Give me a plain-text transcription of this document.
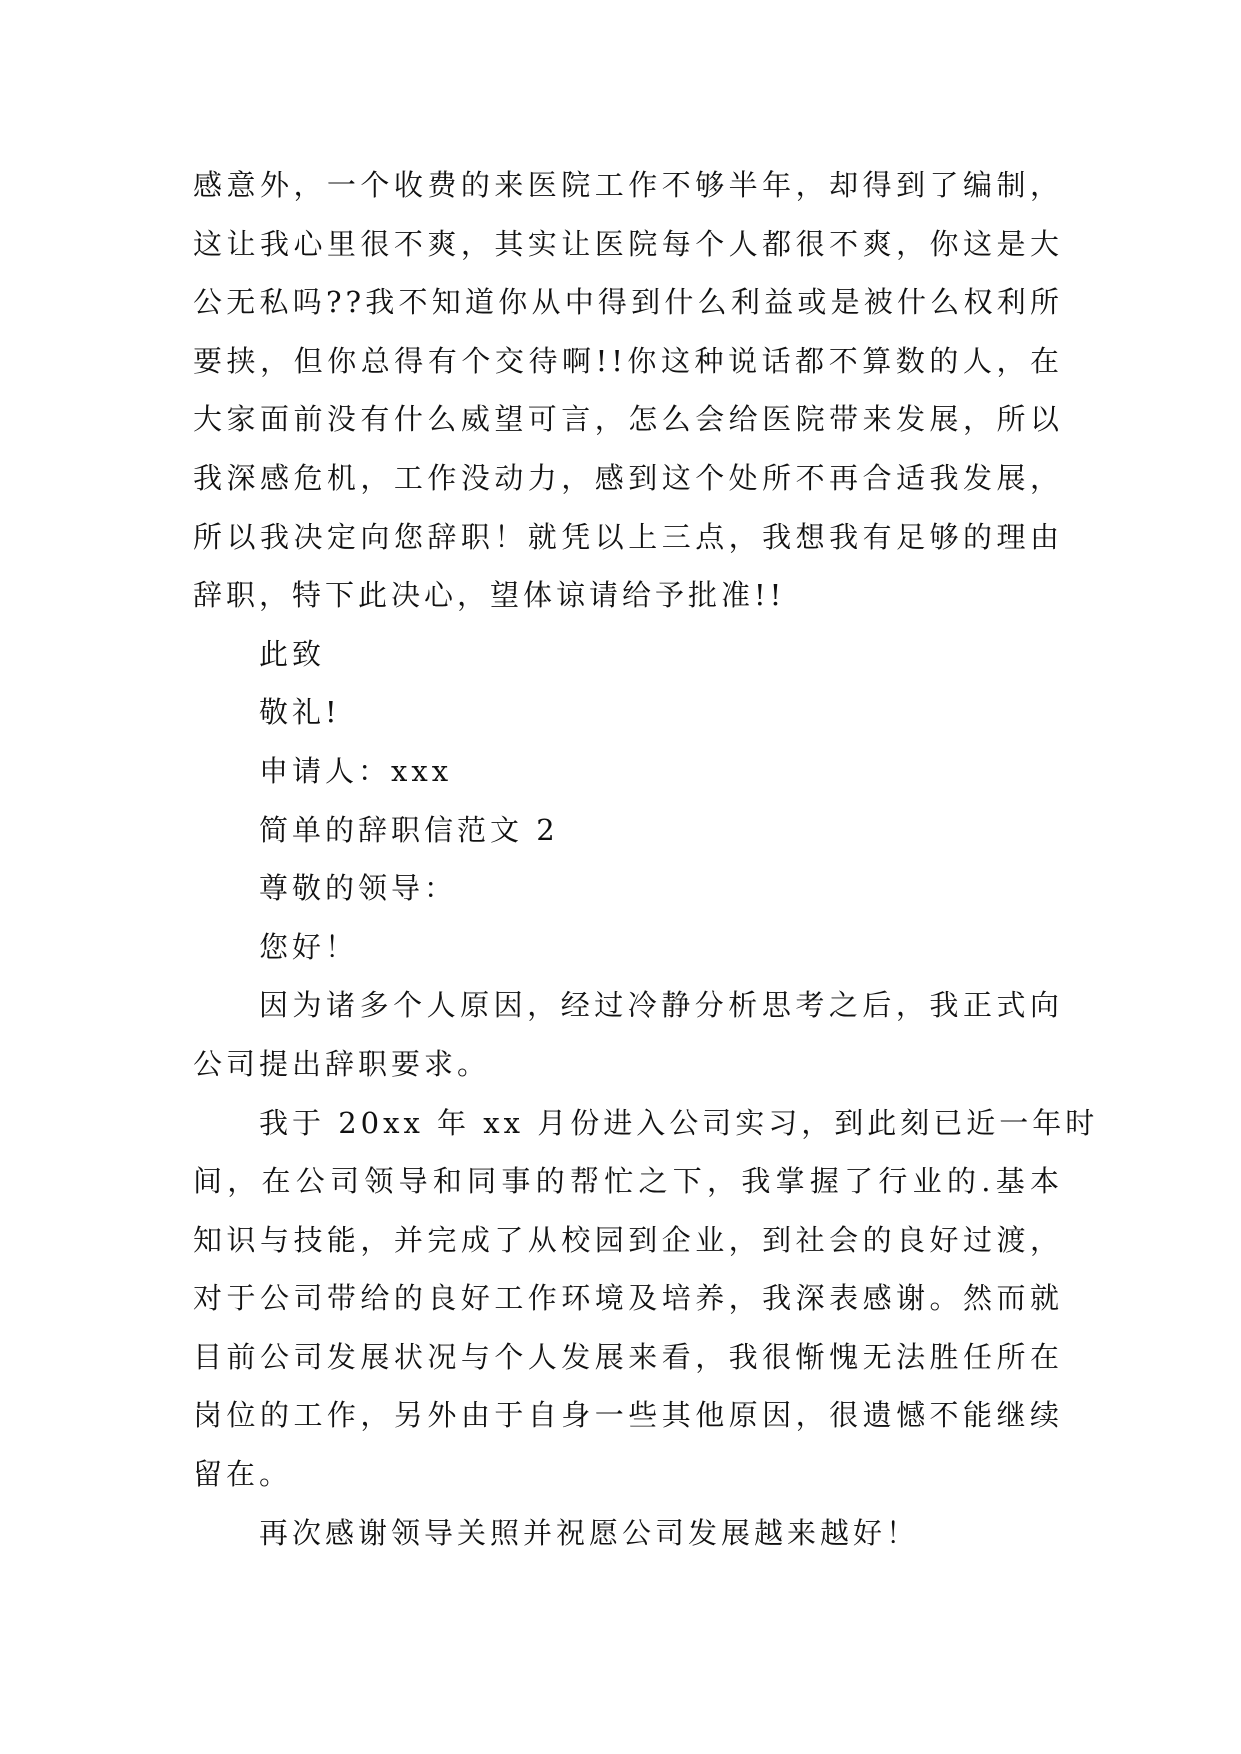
感意外，一个收费的来医院工作不够半年，却得到了编制，
这让我心里很不爽，其实让医院每个人都很不爽，你这是大
公无私吗??我不知道你从中得到什么利益或是被什么权利所
要挟，但你总得有个交待啊!!你这种说话都不算数的人，在
大家面前没有什么威望可言，怎么会给医院带来发展，所以
我深感危机，工作没动力，感到这个处所不再合适我发展，
所以我决定向您辞职！就凭以上三点，我想我有足够的理由
辞职，特下此决心，望体谅请给予批准!!
此致
敬礼!
申请人：xxx
简单的辞职信范文 2
尊敬的领导：
您好！
因为诸多个人原因，经过冷静分析思考之后，我正式向
公司提出辞职要求。
我于 20xx 年 xx 月份进入公司实习，到此刻已近一年时
间，在公司领导和同事的帮忙之下，我掌握了行业的.基本
知识与技能，并完成了从校园到企业，到社会的良好过渡，
对于公司带给的良好工作环境及培养，我深表感谢。然而就
目前公司发展状况与个人发展来看，我很惭愧无法胜任所在
岗位的工作，另外由于自身一些其他原因，很遗憾不能继续
留在。
再次感谢领导关照并祝愿公司发展越来越好！
